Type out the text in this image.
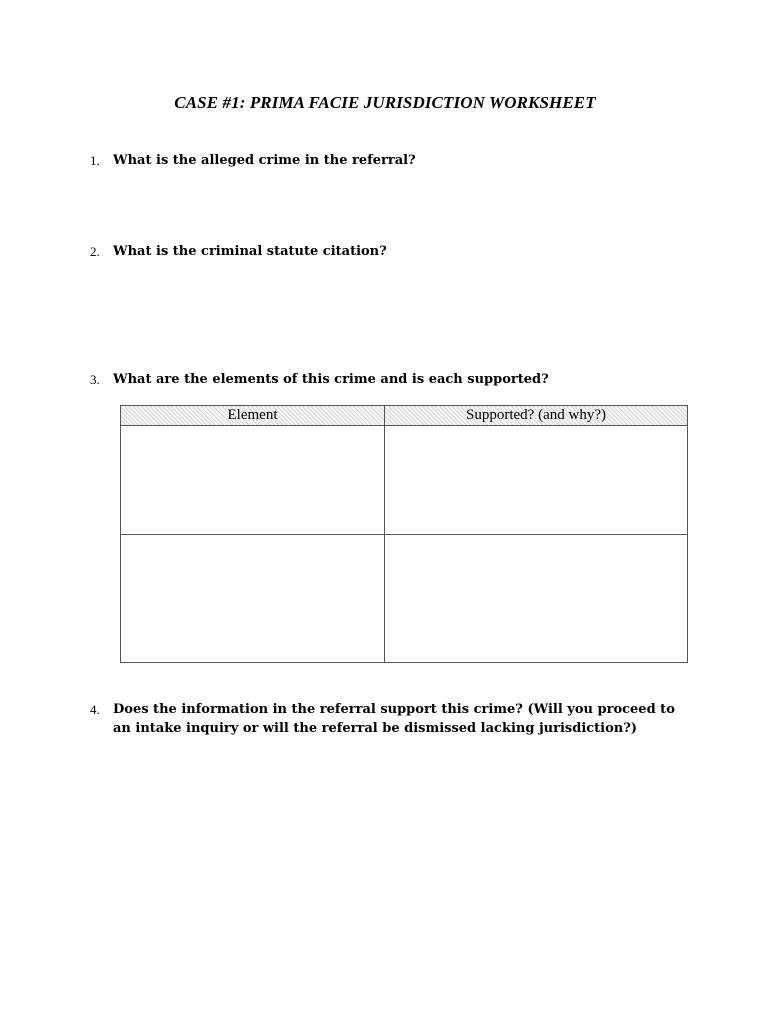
CASE #1: PRIMA FACIE JURISDICTION WORKSHEET
1. What is the alleged crime in the referral?
2. What is the criminal statute citation?
3. What are the elements of this crime and is each supported?
Element	Supported? (and why?)

4. Does the information in the referral support this crime? (Will you proceed to an intake inquiry or will the referral be dismissed lacking jurisdiction?)
